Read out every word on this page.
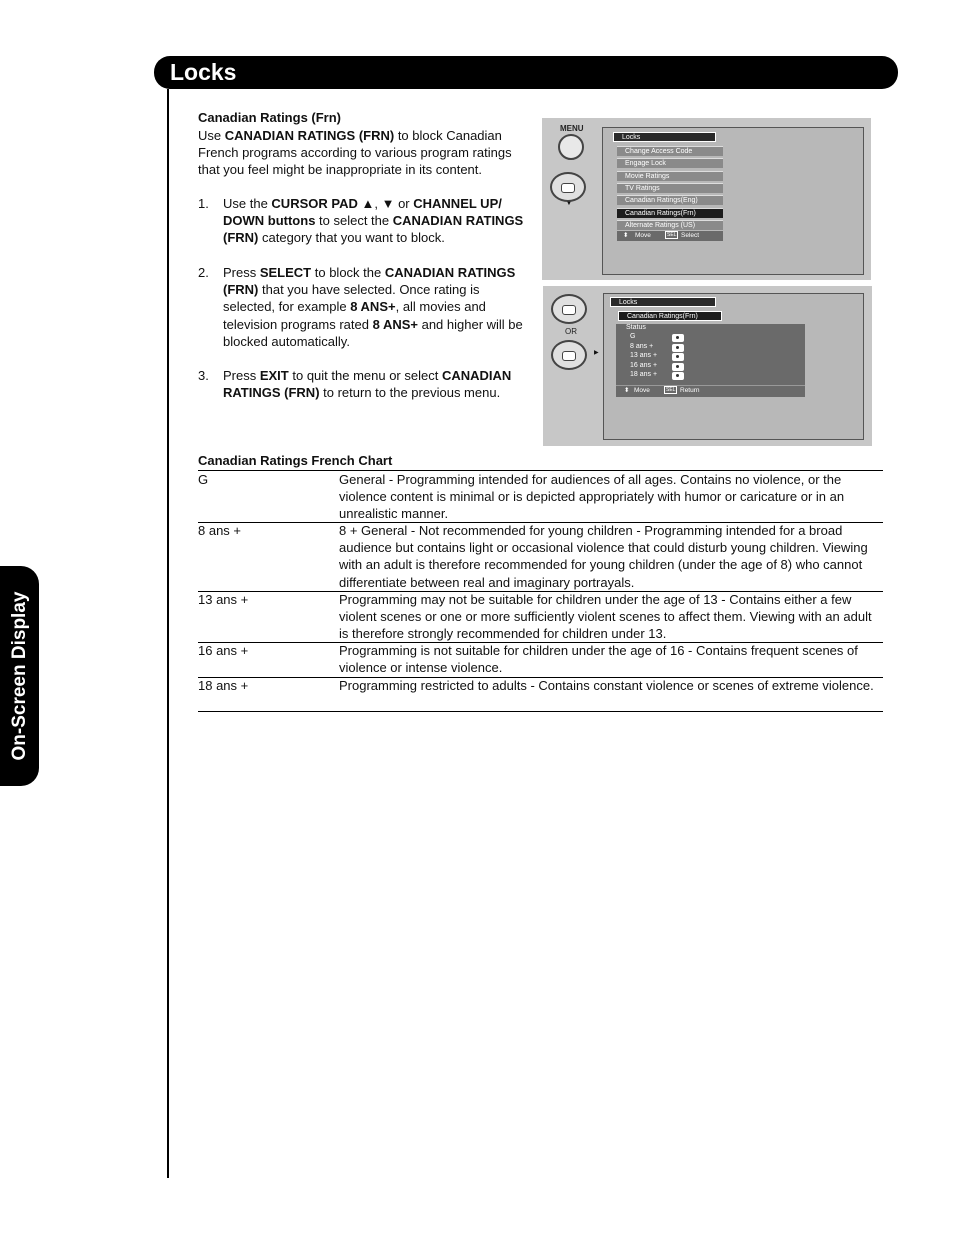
Locks
On-Screen Display
Canadian Ratings (Frn)
Use CANADIAN RATINGS (FRN) to block Canadian French programs according to various program ratings that you feel might be inappropriate in its content.
1.	Use the CURSOR PAD ▲, ▼ or CHANNEL UP/ DOWN buttons to select the CANADIAN RATINGS (FRN) category that you want to block.
2.	Press SELECT to block the CANADIAN RATINGS (FRN) that you have selected. Once rating is selected, for example 8 ANS+, all movies and television programs rated 8 ANS+ and higher will be blocked automatically.
3.	Press EXIT to quit the menu or select CANADIAN RATINGS (FRN) to return to the previous menu.
MENU
▼
Locks
Change Access Code
Engage Lock
Movie Ratings
TV Ratings
Canadian Ratings(Eng)
Canadian Ratings(Frn)
Alternate Ratings (US)
⬍ Move	SEL Select
OR
▶
Locks
Canadian Ratings(Frn)
Status
G
8 ans +
13 ans +
16 ans +
18 ans +
⬍ Move	SEL Return
Canadian Ratings French Chart
G	General - Programming intended for audiences of all ages. Contains no violence, or the violence content is minimal or is depicted appropriately with humor or caricature or in an unrealistic manner.
8 ans +	8 + General - Not recommended for young children - Programming intended for a broad audience but contains light or occasional violence that could disturb young children. Viewing with an adult is therefore recommended for young children (under the age of 8) who cannot differentiate between real and imaginary portrayals.
13 ans +	Programming may not be suitable for children under the age of 13 - Contains either a few violent scenes or one or more sufficiently violent scenes to affect them. Viewing with an adult is therefore strongly recommended for children under 13.
16 ans +	Programming is not suitable for children under the age of 16 - Contains frequent scenes of violence or intense violence.
18 ans +	Programming restricted to adults - Contains constant violence or scenes of extreme violence.
